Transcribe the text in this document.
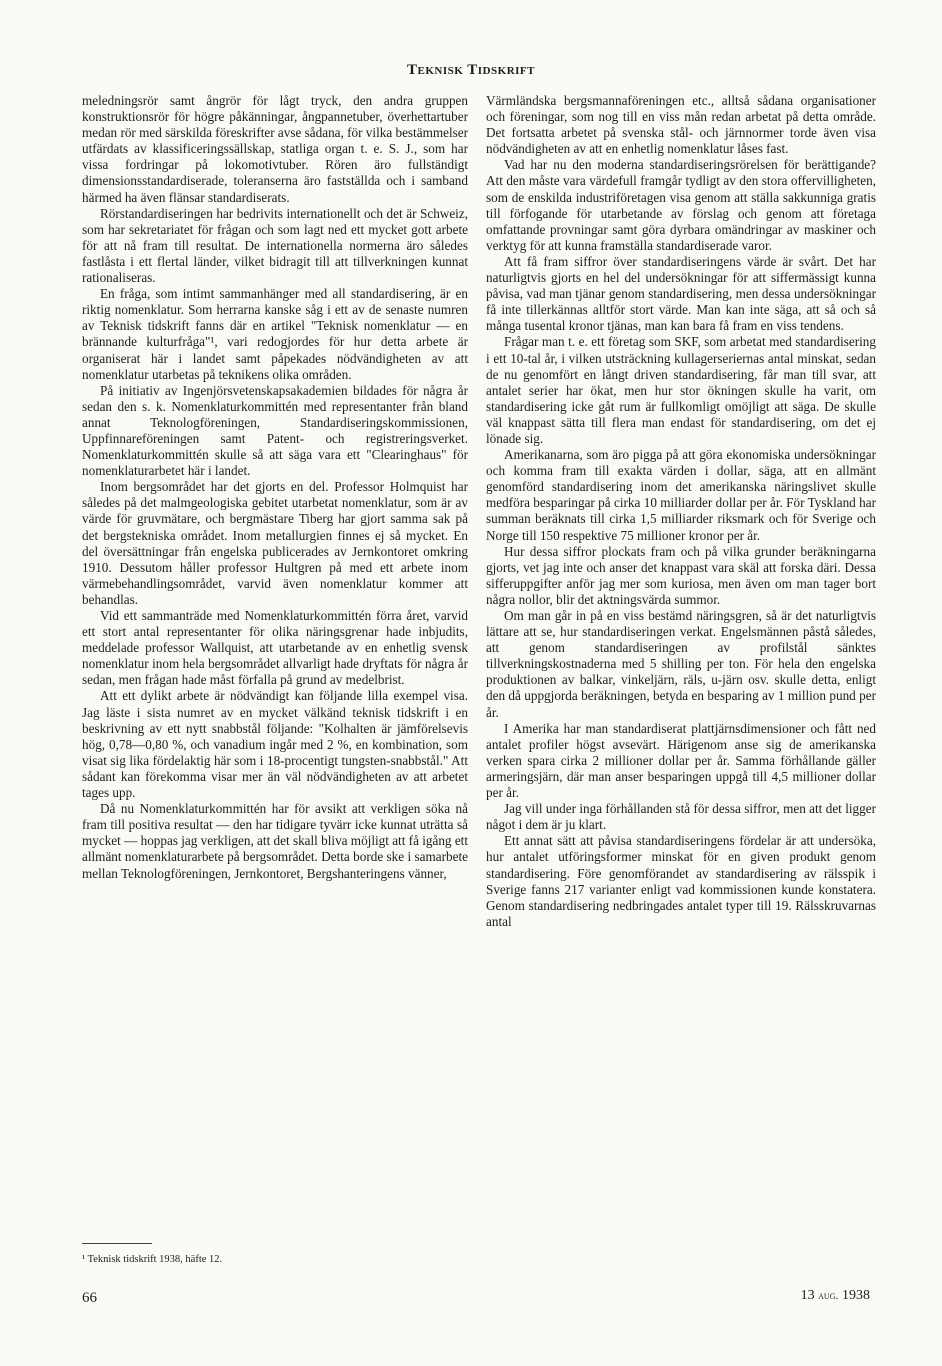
Teknisk Tidskrift

meledningsrör samt ångrör för lågt tryck, den andra gruppen konstruktionsrör för högre påkänningar, ångpannetuber, överhettartuber medan rör med särskilda föreskrifter avse sådana, för vilka bestämmelser utfärdats av klassificeringssällskap, statliga organ t. e. S. J., som har vissa fordringar på lokomotivtuber. Rören äro fullständigt dimensionsstandardiserade, toleranserna äro fastställda och i samband härmed ha även flänsar standardiserats.

Rörstandardiseringen har bedrivits internationellt och det är Schweiz, som har sekretariatet för frågan och som lagt ned ett mycket gott arbete för att nå fram till resultat. De internationella normerna äro således fastlåsta i ett flertal länder, vilket bidragit till att tillverkningen kunnat rationaliseras.

En fråga, som intimt sammanhänger med all standardisering, är en riktig nomenklatur. Som herrarna kanske såg i ett av de senaste numren av Teknisk tidskrift fanns där en artikel "Teknisk nomenklatur — en brännande kulturfråga"¹, vari redogjordes för hur detta arbete är organiserat här i landet samt påpekades nödvändigheten av att nomenklatur utarbetas på teknikens olika områden.

På initiativ av Ingenjörsvetenskapsakademien bildades för några år sedan den s. k. Nomenklaturkommittén med representanter från bland annat Teknologföreningen, Standardiseringskommissionen, Uppfinnareföreningen samt Patent- och registreringsverket. Nomenklaturkommittén skulle så att säga vara ett "Clearinghaus" för nomenklaturarbetet här i landet.

Inom bergsområdet har det gjorts en del. Professor Holmquist har således på det malmgeologiska gebitet utarbetat nomenklatur, som är av värde för gruvmätare, och bergmästare Tiberg har gjort samma sak på det bergstekniska området. Inom metallurgien finnes ej så mycket. En del översättningar från engelska publicerades av Jernkontoret omkring 1910. Dessutom håller professor Hultgren på med ett arbete inom värmebehandlingsområdet, varvid även nomenklatur kommer att behandlas.

Vid ett sammanträde med Nomenklaturkommittén förra året, varvid ett stort antal representanter för olika näringsgrenar hade inbjudits, meddelade professor Wallquist, att utarbetande av en enhetlig svensk nomenklatur inom hela bergsområdet allvarligt hade dryftats för några år sedan, men frågan hade måst förfalla på grund av medelbrist.

Att ett dylikt arbete är nödvändigt kan följande lilla exempel visa. Jag läste i sista numret av en mycket välkänd teknisk tidskrift i en beskrivning av ett nytt snabbstål följande: "Kolhalten är jämförelsevis hög, 0,78—0,80 %, och vanadium ingår med 2 %, en kombination, som visat sig lika fördelaktig här som i 18-procentigt tungsten-snabbstål." Att sådant kan förekomma visar mer än väl nödvändigheten av att arbetet tages upp.

Då nu Nomenklaturkommittén har för avsikt att verkligen söka nå fram till positiva resultat — den har tidigare tyvärr icke kunnat uträtta så mycket — hoppas jag verkligen, att det skall bliva möjligt att få igång ett allmänt nomenklaturarbete på bergsområdet. Detta borde ske i samarbete mellan Teknologföreningen, Jernkontoret, Bergshanteringens vänner,

Värmländska bergsmannaföreningen etc., alltså sådana organisationer och föreningar, som nog till en viss mån redan arbetat på detta område. Det fortsatta arbetet på svenska stål- och järnnormer torde även visa nödvändigheten av att en enhetlig nomenklatur låses fast.

Vad har nu den moderna standardiseringsrörelsen för berättigande? Att den måste vara värdefull framgår tydligt av den stora offervilligheten, som de enskilda industriföretagen visa genom att ställa sakkunniga gratis till förfogande för utarbetande av förslag och genom att företaga omfattande provningar samt göra dyrbara omändringar av maskiner och verktyg för att kunna framställa standardiserade varor.

Att få fram siffror över standardiseringens värde är svårt. Det har naturligtvis gjorts en hel del undersökningar för att siffermässigt kunna påvisa, vad man tjänar genom standardisering, men dessa undersökningar få inte tillerkännas alltför stort värde. Man kan inte säga, att så och så många tusental kronor tjänas, man kan bara få fram en viss tendens.

Frågar man t. e. ett företag som SKF, som arbetat med standardisering i ett 10-tal år, i vilken utsträckning kullagerseriernas antal minskat, sedan de nu genomfört en långt driven standardisering, får man till svar, att antalet serier har ökat, men hur stor ökningen skulle ha varit, om standardisering icke gåt rum är fullkomligt omöjligt att säga. De skulle väl knappast sätta till flera man endast för standardisering, om det ej lönade sig.

Amerikanarna, som äro pigga på att göra ekonomiska undersökningar och komma fram till exakta värden i dollar, säga, att en allmänt genomförd standardisering inom det amerikanska näringslivet skulle medföra besparingar på cirka 10 milliarder dollar per år. För Tyskland har summan beräknats till cirka 1,5 milliarder riksmark och för Sverige och Norge till 150 respektive 75 millioner kronor per år.

Hur dessa siffror plockats fram och på vilka grunder beräkningarna gjorts, vet jag inte och anser det knappast vara skäl att forska däri. Dessa sifferuppgifter anför jag mer som kuriosa, men även om man tager bort några nollor, blir det aktningsvärda summor.

Om man går in på en viss bestämd näringsgren, så är det naturligtvis lättare att se, hur standardiseringen verkat. Engelsmännen påstå således, att genom standardiseringen av profilstål sänktes tillverkningskostnaderna med 5 shilling per ton. För hela den engelska produktionen av balkar, vinkeljärn, räls, u-järn osv. skulle detta, enligt den då uppgjorda beräkningen, betyda en besparing av 1 million pund per år.

I Amerika har man standardiserat plattjärnsdimensioner och fått ned antalet profiler högst avsevärt. Härigenom anse sig de amerikanska verken spara cirka 2 millioner dollar per år. Samma förhållande gäller armeringsjärn, där man anser besparingen uppgå till 4,5 millioner dollar per år.

Jag vill under inga förhållanden stå för dessa siffror, men att det ligger något i dem är ju klart.

Ett annat sätt att påvisa standardiseringens fördelar är att undersöka, hur antalet utföringsformer minskat för en given produkt genom standardisering. Före genomförandet av standardisering av rälsspik i Sverige fanns 217 varianter enligt vad kommissionen kunde konstatera. Genom standardisering nedbringades antalet typer till 19. Rälsskruvarnas antal

¹ Teknisk tidskrift 1938, häfte 12.
66	13 aug. 1938
